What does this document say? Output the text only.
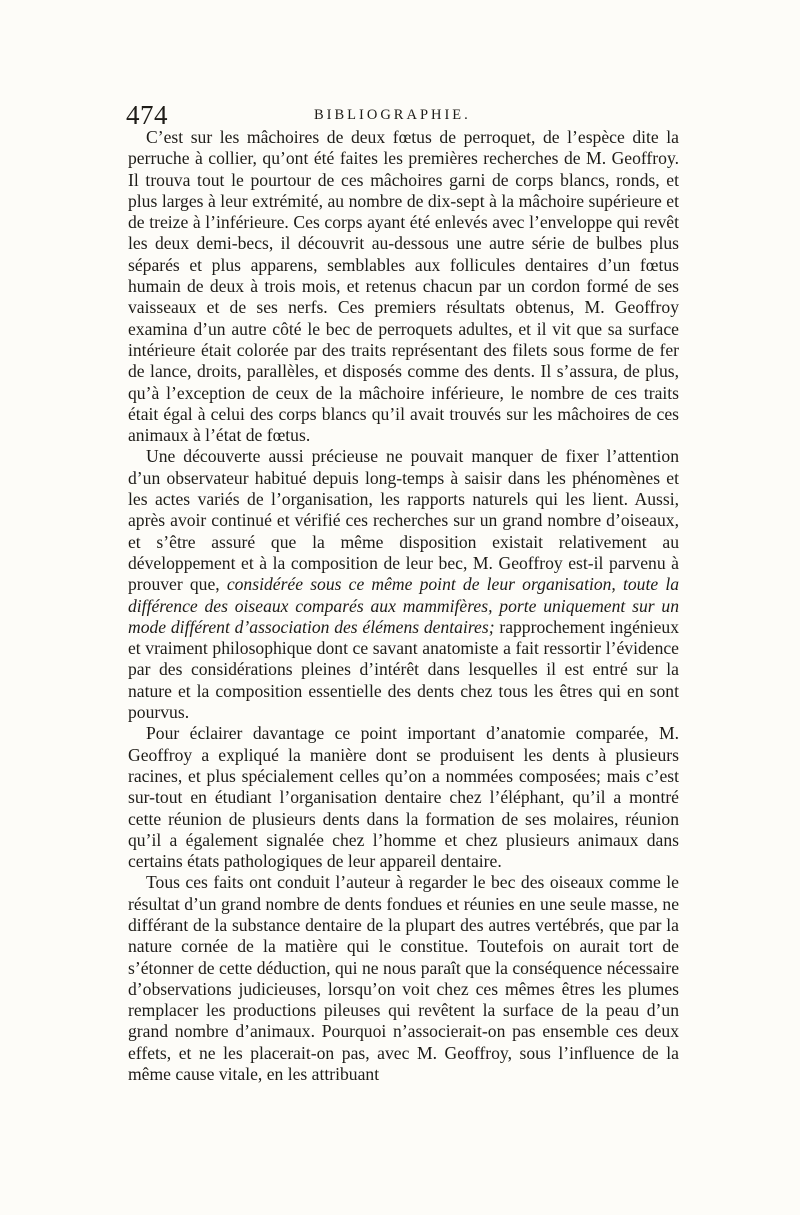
474	BIBLIOGRAPHIE.

C’est sur les mâchoires de deux fœtus de perroquet, de l’espèce dite la perruche à collier, qu’ont été faites les premières recherches de M. Geoffroy. Il trouva tout le pourtour de ces mâchoires garni de corps blancs, ronds, et plus larges à leur extrémité, au nombre de dix-sept à la mâchoire supérieure et de treize à l’inférieure. Ces corps ayant été enlevés avec l’enveloppe qui revêt les deux demi-becs, il découvrit au-dessous une autre série de bulbes plus séparés et plus apparens, semblables aux follicules dentaires d’un fœtus humain de deux à trois mois, et retenus chacun par un cordon formé de ses vaisseaux et de ses nerfs. Ces premiers résultats obtenus, M. Geoffroy examina d’un autre côté le bec de perroquets adultes, et il vit que sa surface intérieure était colorée par des traits représentant des filets sous forme de fer de lance, droits, parallèles, et disposés comme des dents. Il s’assura, de plus, qu’à l’exception de ceux de la mâchoire inférieure, le nombre de ces traits était égal à celui des corps blancs qu’il avait trouvés sur les mâchoires de ces animaux à l’état de fœtus.

Une découverte aussi précieuse ne pouvait manquer de fixer l’attention d’un observateur habitué depuis long-temps à saisir dans les phénomènes et les actes variés de l’organisation, les rapports naturels qui les lient. Aussi, après avoir continué et vérifié ces recherches sur un grand nombre d’oiseaux, et s’être assuré que la même disposition existait relativement au développement et à la composition de leur bec, M. Geoffroy est-il parvenu à prouver que, considérée sous ce même point de leur organisation, toute la différence des oiseaux comparés aux mammifères, porte uniquement sur un mode différent d’association des élémens dentaires; rapprochement ingénieux et vraiment philosophique dont ce savant anatomiste a fait ressortir l’évidence par des considérations pleines d’intérêt dans lesquelles il est entré sur la nature et la composition essentielle des dents chez tous les êtres qui en sont pourvus.

Pour éclairer davantage ce point important d’anatomie comparée, M. Geoffroy a expliqué la manière dont se produisent les dents à plusieurs racines, et plus spécialement celles qu’on a nommées composées; mais c’est sur-tout en étudiant l’organisation dentaire chez l’éléphant, qu’il a montré cette réunion de plusieurs dents dans la formation de ses molaires, réunion qu’il a également signalée chez l’homme et chez plusieurs animaux dans certains états pathologiques de leur appareil dentaire.

Tous ces faits ont conduit l’auteur à regarder le bec des oiseaux comme le résultat d’un grand nombre de dents fondues et réunies en une seule masse, ne différant de la substance dentaire de la plupart des autres vertébrés, que par la nature cornée de la matière qui le constitue. Toutefois on aurait tort de s’étonner de cette déduction, qui ne nous paraît que la conséquence nécessaire d’observations judicieuses, lorsqu’on voit chez ces mêmes êtres les plumes remplacer les productions pileuses qui revêtent la surface de la peau d’un grand nombre d’animaux. Pourquoi n’associerait-on pas ensemble ces deux effets, et ne les placerait-on pas, avec M. Geoffroy, sous l’influence de la même cause vitale, en les attribuant
